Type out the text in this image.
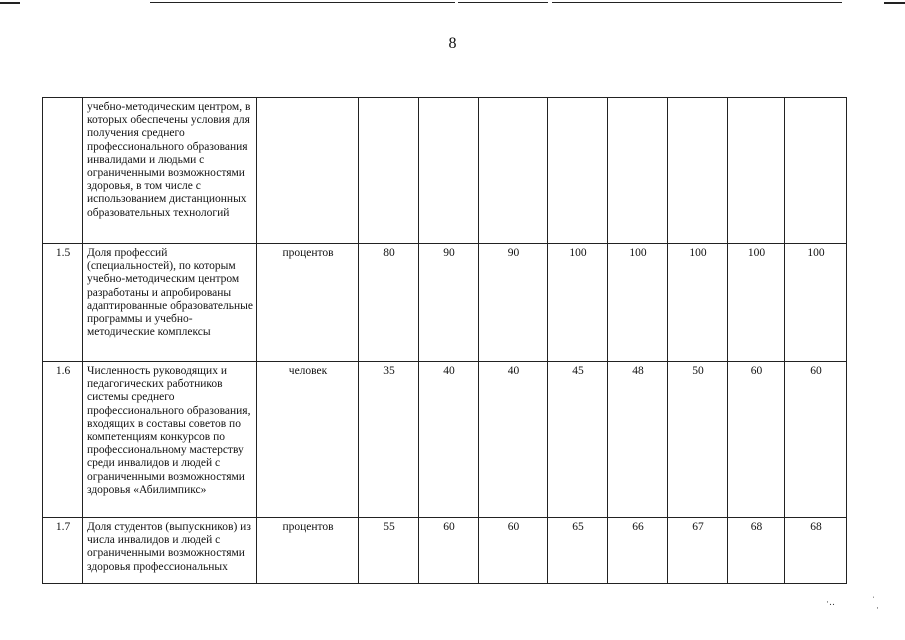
8
	учебно-методическим центром, в которых обеспечены условия для получения среднего профессионального образования инвалидами и людьми с ограниченными возможностями здоровья, в том числе с использованием дистанционных образовательных технологий									
1.5	Доля профессий (специальностей), по которым учебно-методическим центром разработаны и апробированы адаптированные образовательные программы и учебно-методические комплексы	процентов	80	90	90	100	100	100	100	100
1.6	Численность руководящих и педагогических работников системы среднего профессионального образования, входящих в составы советов по компетенциям конкурсов по профессиональному мастерству среди инвалидов и людей с ограниченными возможностями здоровья «Абилимпикс»	человек	35	40	40	45	48	50	60	60
1.7	Доля студентов (выпускников) из числа инвалидов и людей с ограниченными возможностями здоровья профессиональных	процентов	55	60	60	65	66	67	68	68
·‥	ˈ
·
